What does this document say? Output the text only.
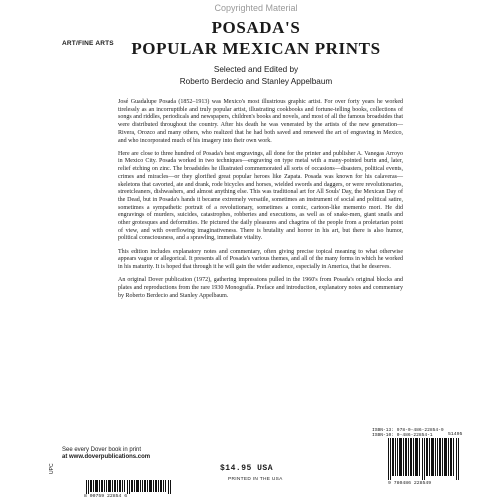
Copyrighted Material
ART/FINE ARTS
POSADA'S
POPULAR MEXICAN PRINTS
Selected and Edited by
Roberto Berdecio and Stanley Appelbaum

José Guadalupe Posada (1852–1913) was Mexico's most illustrious graphic artist. For over forty years he worked tirelessly as an incorruptible and truly popular artist, illustrating cookbooks and fortune-telling books, collections of songs and riddles, periodicals and newspapers, children's books and novels, and most of all the famous broadsides that were distributed throughout the country. After his death he was venerated by the artists of the new generation—Rivera, Orozco and many others, who realized that he had both saved and renewed the art of engraving in Mexico, and who incorporated much of his imagery into their own work.

Here are close to three hundred of Posada's best engravings, all done for the printer and publisher A. Vanegas Arroyo in Mexico City. Posada worked in two techniques—engraving on type metal with a many-pointed burin and, later, relief etching on zinc. The broadsides he illustrated commemorated all sorts of occasions—disasters, political events, crimes and miracles—or they glorified great popular heroes like Zapata. Posada was known for his calaveras—skeletons that cavorted, ate and drank, rode bicycles and horses, wielded swords and daggers, or were revolutionaries, streetcleaners, dishwashers, and almost anything else. This was traditional art for All Souls' Day, the Mexican Day of the Dead, but in Posada's hands it became extremely versatile, sometimes an instrument of social and political satire, sometimes a sympathetic portrait of a revolutionary, sometimes a comic, cartoon-like memento mori. He did engravings of murders, suicides, catastrophes, robberies and executions, as well as of snake-men, giant snails and other grotesques and deformities. He pictured the daily pleasures and chagrins of the people from a proletarian point of view, and with overflowing imaginativeness. There is brutality and horror in his art, but there is also humor, political consciousness, and a sprawling, immediate vitality.

This edition includes explanatory notes and commentary, often giving precise topical meaning to what otherwise appears vague or allegorical. It presents all of Posada's various themes, and all of the many forms in which he worked in his maturity. It is hoped that through it he will gain the wider audience, especially in America, that he deserves.

An original Dover publication (1972), gathering impressions pulled in the 1960's from Posada's original blocks and plates and reproductions from the rare 1930 Monografía. Preface and introduction, explanatory notes and commentary by Roberto Berdecio and Stanley Appelbaum.

See every Dover book in print
at www.doverpublications.com
UPC
8 00759 22854 6
$14.95 USA
PRINTED IN THE USA
ISBN-13: 978-0-486-22854-9
ISBN-10: 0-486-22854-1
9 780486 228549
51495
